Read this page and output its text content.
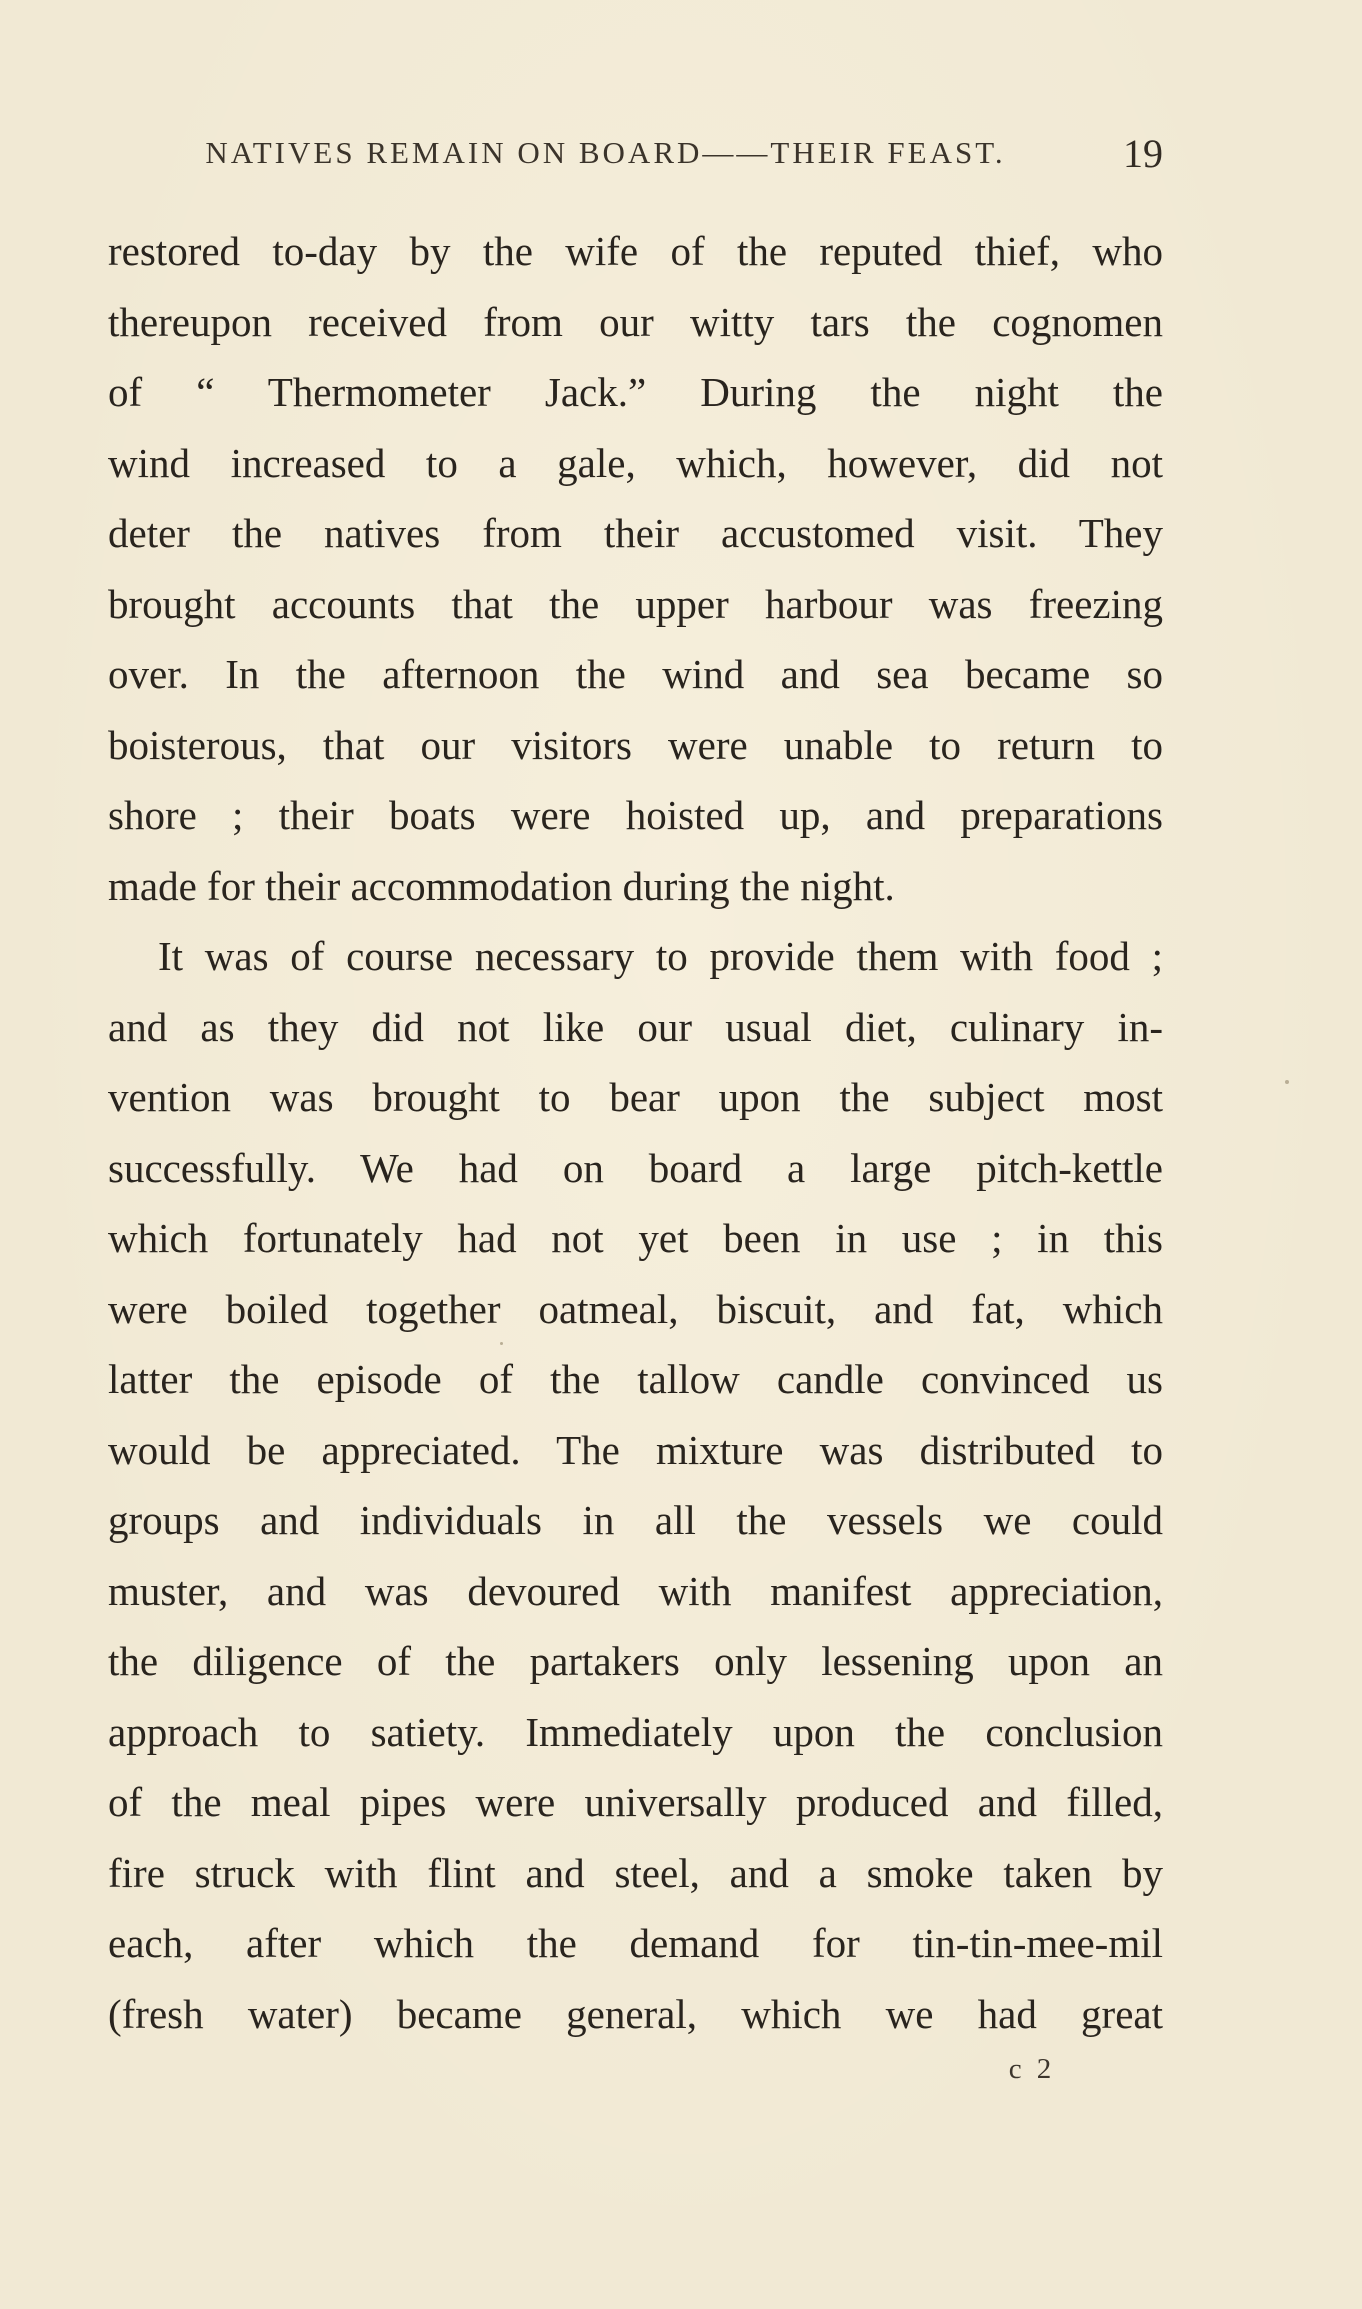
NATIVES REMAIN ON BOARD——THEIR FEAST.	19
restored to-day by the wife of the reputed thief, who
thereupon received from our witty tars the cognomen
of “ Thermometer Jack.” During the night the
wind increased to a gale, which, however, did not
deter the natives from their accustomed visit. They
brought accounts that the upper harbour was freezing
over. In the afternoon the wind and sea became so
boisterous, that our visitors were unable to return to
shore ; their boats were hoisted up, and preparations
made for their accommodation during the night.
It was of course necessary to provide them with food ;
and as they did not like our usual diet, culinary in-
vention was brought to bear upon the subject most
successfully. We had on board a large pitch-kettle
which fortunately had not yet been in use ; in this
were boiled together oatmeal, biscuit, and fat, which
latter the episode of the tallow candle convinced us
would be appreciated. The mixture was distributed to
groups and individuals in all the vessels we could
muster, and was devoured with manifest appreciation,
the diligence of the partakers only lessening upon an
approach to satiety. Immediately upon the conclusion
of the meal pipes were universally produced and filled,
fire struck with flint and steel, and a smoke taken by
each, after which the demand for tin-tin-mee-mil
(fresh water) became general, which we had great
c 2
